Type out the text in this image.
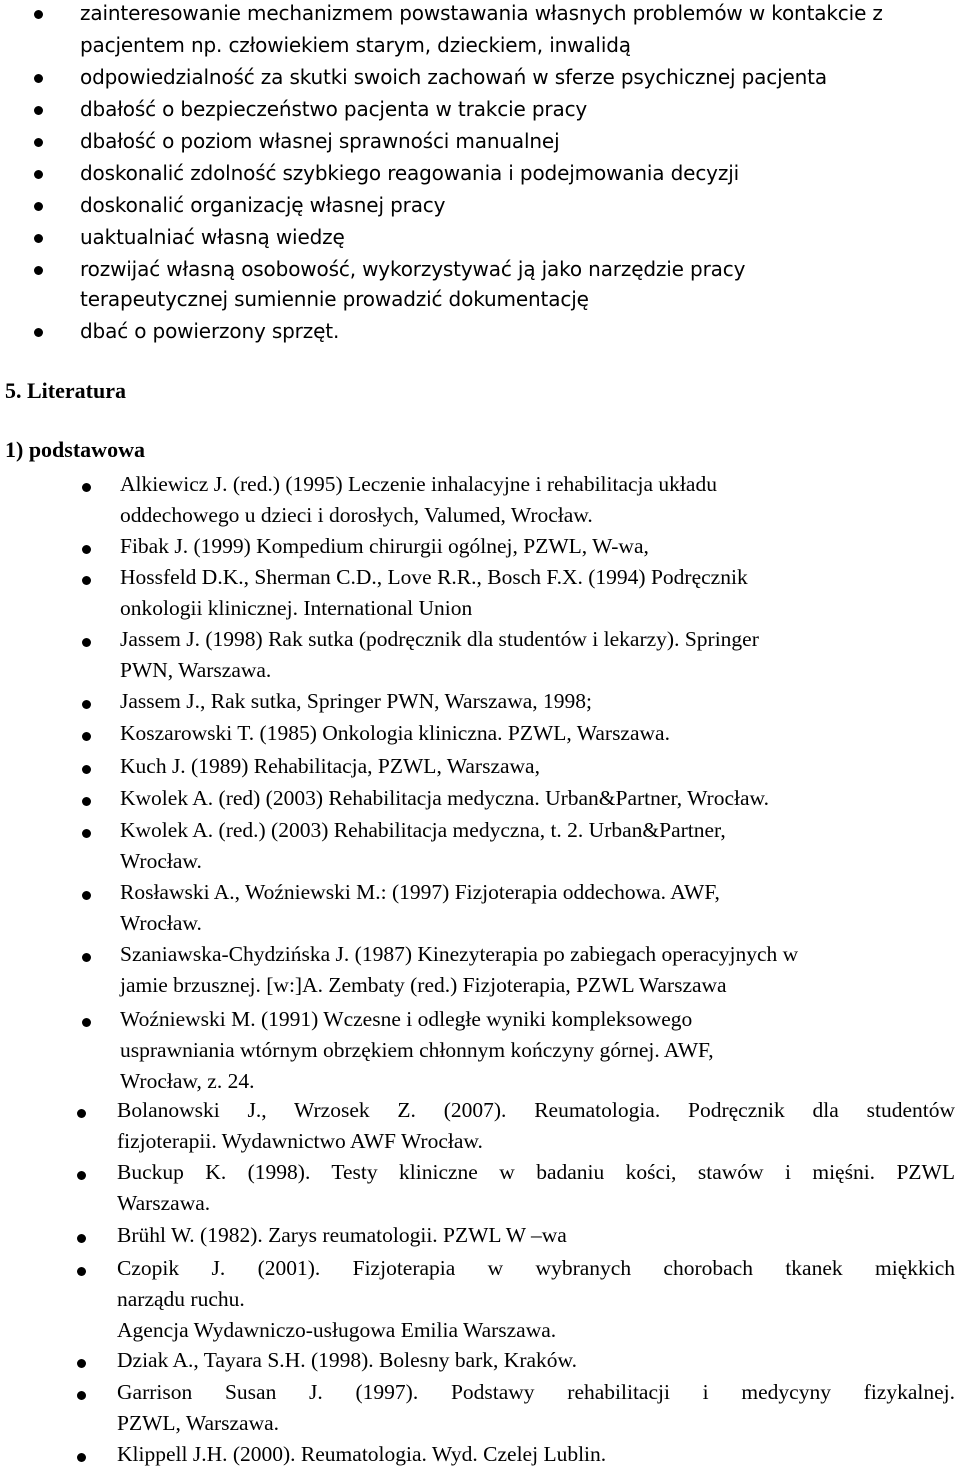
zainteresowanie mechanizmem powstawania własnych problemów w kontakcie z
pacjentem np. człowiekiem starym, dzieckiem, inwalidą
odpowiedzialność za skutki swoich zachowań w sferze psychicznej pacjenta
dbałość o bezpieczeństwo pacjenta w trakcie pracy
dbałość o poziom własnej sprawności manualnej
doskonalić zdolność szybkiego reagowania i podejmowania decyzji
doskonalić organizację własnej pracy
uaktualniać własną wiedzę
rozwijać własną osobowość, wykorzystywać ją jako narzędzie pracy
terapeutycznej sumiennie prowadzić dokumentację
dbać o powierzony sprzęt.
5. Literatura
1) podstawowa
Alkiewicz J. (red.) (1995) Leczenie inhalacyjne i rehabilitacja układu
oddechowego u dzieci i dorosłych, Valumed, Wrocław.
Fibak J. (1999) Kompedium chirurgii ogólnej, PZWL, W-wa,
Hossfeld D.K., Sherman C.D., Love R.R., Bosch F.X. (1994) Podręcznik
onkologii klinicznej. International Union
Jassem J. (1998) Rak sutka (podręcznik dla studentów i lekarzy). Springer
PWN, Warszawa.
Jassem J., Rak sutka, Springer PWN, Warszawa, 1998;
Koszarowski T. (1985) Onkologia kliniczna. PZWL, Warszawa.
Kuch J. (1989) Rehabilitacja, PZWL, Warszawa,
Kwolek A. (red) (2003) Rehabilitacja medyczna. Urban&Partner, Wrocław.
Kwolek A. (red.) (2003) Rehabilitacja medyczna, t. 2. Urban&Partner,
Wrocław.
Rosławski A., Woźniewski M.: (1997) Fizjoterapia oddechowa. AWF,
Wrocław.
Szaniawska-Chydzińska J. (1987) Kinezyterapia po zabiegach operacyjnych w
jamie brzusznej. [w:]A. Zembaty (red.) Fizjoterapia, PZWL Warszawa
Woźniewski M. (1991) Wczesne i odległe wyniki kompleksowego
usprawniania wtórnym obrzękiem chłonnym kończyny górnej. AWF,
Wrocław, z. 24.
Bolanowski J., Wrzosek Z. (2007). Reumatologia. Podręcznik dla studentów
fizjoterapii. Wydawnictwo AWF Wrocław.
Buckup K. (1998). Testy kliniczne w badaniu kości, stawów i mięśni. PZWL
Warszawa.
Brühl W. (1982). Zarys reumatologii. PZWL W –wa
Czopik J. (2001). Fizjoterapia w wybranych chorobach tkanek miękkich
narządu ruchu.
Agencja Wydawniczo-usługowa Emilia Warszawa.
Dziak A., Tayara S.H. (1998). Bolesny bark, Kraków.
Garrison Susan J. (1997). Podstawy rehabilitacji i medycyny fizykalnej.
PZWL, Warszawa.
Klippell J.H. (2000). Reumatologia. Wyd. Czelej Lublin.
